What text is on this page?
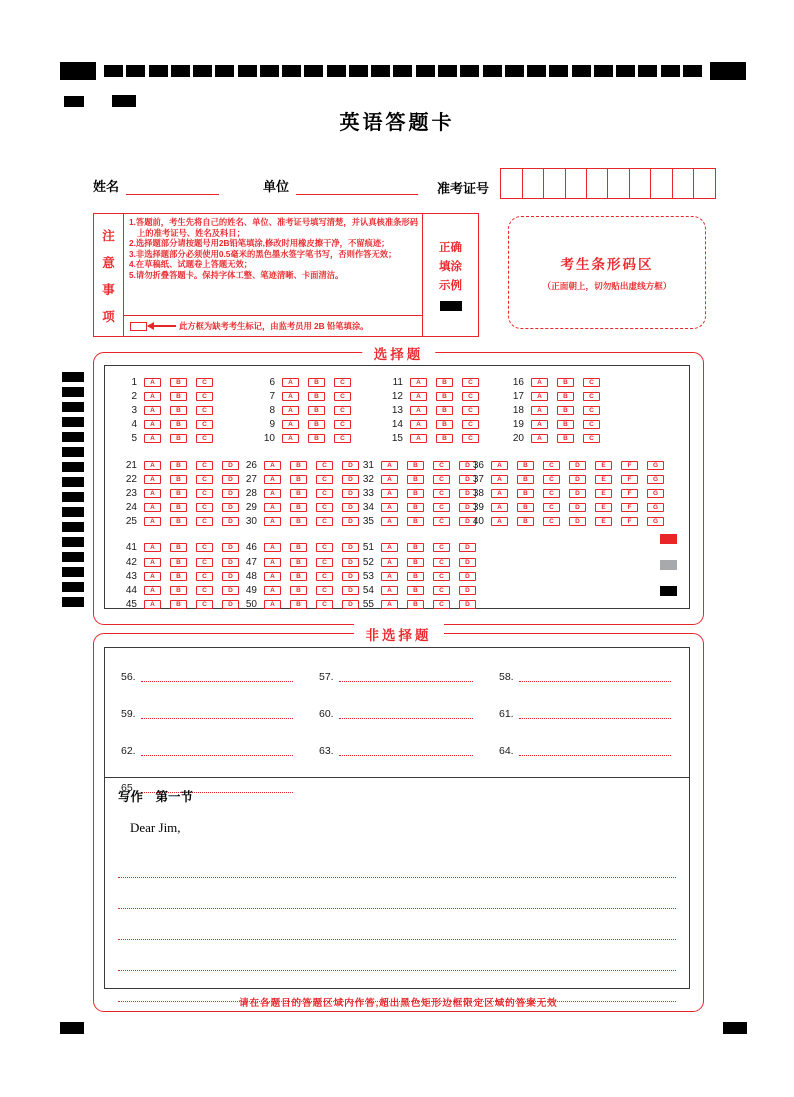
英语答题卡
姓名	单位	准考证号
注
意
事
项
1.答题前，考生先将自己的姓名、单位、准考证号填写清楚，并认真核准条形码上的准考证号、姓名及科目；
2.选择题部分请按题号用2B铅笔填涂,修改时用橡皮擦干净，不留痕迹；
3.非选择题部分必须使用0.5毫米的黑色墨水签字笔书写，否则作答无效；
4.在草稿纸、试题卷上答题无效；
5.请勿折叠答题卡。保持字体工整、笔迹清晰、卡面清洁。
此方框为缺考考生标记，由监考员用 2B 铅笔填涂。
正确
填涂
示例
考生条形码区
（正面朝上，切勿贴出虚线方框）
选择题
1	A	B	C	6	A	B	C	11	A	B	C	16	A	B	C
2	A	B	C	7	A	B	C	12	A	B	C	17	A	B	C
3	A	B	C	8	A	B	C	13	A	B	C	18	A	B	C
4	A	B	C	9	A	B	C	14	A	B	C	19	A	B	C
5	A	B	C	10	A	B	C	15	A	B	C	20	A	B	C
21	A	B	C	D	26	A	B	C	D	31	A	B	C	D 36	A	B	C	D	E	F	G
22	A	B	C	D	27	A	B	C	D	32	A	B	C	D 37	A	B	C	D	E	F	G
23	A	B	C	D	28	A	B	C	D	33	A	B	C	D 38	A	B	C	D	E	F	G
24	A	B	C	D	29	A	B	C	D	34	A	B	C	D 39	A	B	C	D	E	F	G
25	A	B	C	D	30	A	B	C	D	35	A	B	C	D 40	A	B	C	D	E	F	G
41	A	B	C	D	46	A	B	C	D	51	A	B	C	D
42	A	B	C	D	47	A	B	C	D	52	A	B	C	D
43	A	B	C	D	48	A	B	C	D	53	A	B	C	D
44	A	B	C	D	49	A	B	C	D	54	A	B	C	D
45	A	B	C	D	50	A	B	C	D	55	A	B	C	D
非选择题
56.	57.	58.
59.	60.	61.
62.	63.	64.
65.
写作　第一节
Dear Jim,
请在各题目的答题区域内作答,超出黑色矩形边框限定区域的答案无效
